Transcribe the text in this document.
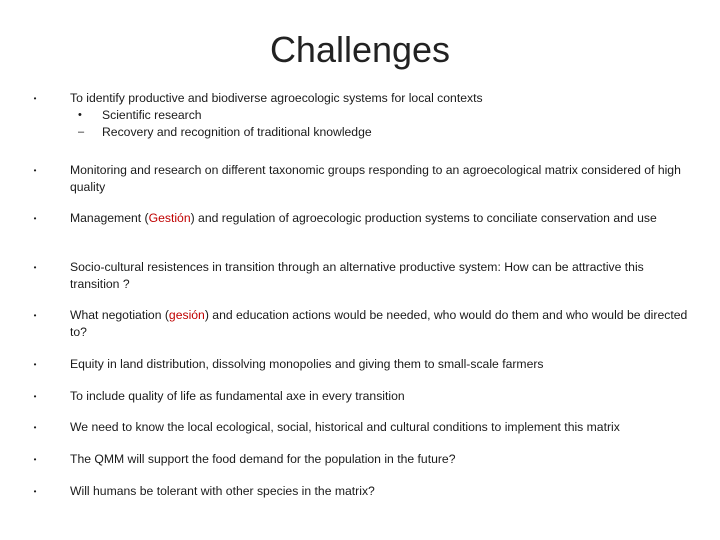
Challenges
•	To identify productive and biodiverse agroecologic systems for local contexts
• Scientific research
– Recovery and recognition of traditional knowledge
•	Monitoring and research on different taxonomic groups responding to an agroecological matrix considered of high quality
•	Management (Gestión) and regulation of agroecologic production systems to conciliate conservation and use
•	Socio-cultural resistences in transition through an alternative productive system: How can be attractive this transition ?
•	What negotiation (gesión) and education actions would be needed, who would do them and who would be directed to?
•	Equity in land distribution, dissolving monopolies and giving them to small-scale farmers
•	To include quality of life as fundamental axe in every transition
•	We need to know the local ecological, social, historical and cultural conditions to implement this matrix
•	The QMM will support the food demand for the population in the future?
•	Will humans be tolerant with other species in the matrix?
